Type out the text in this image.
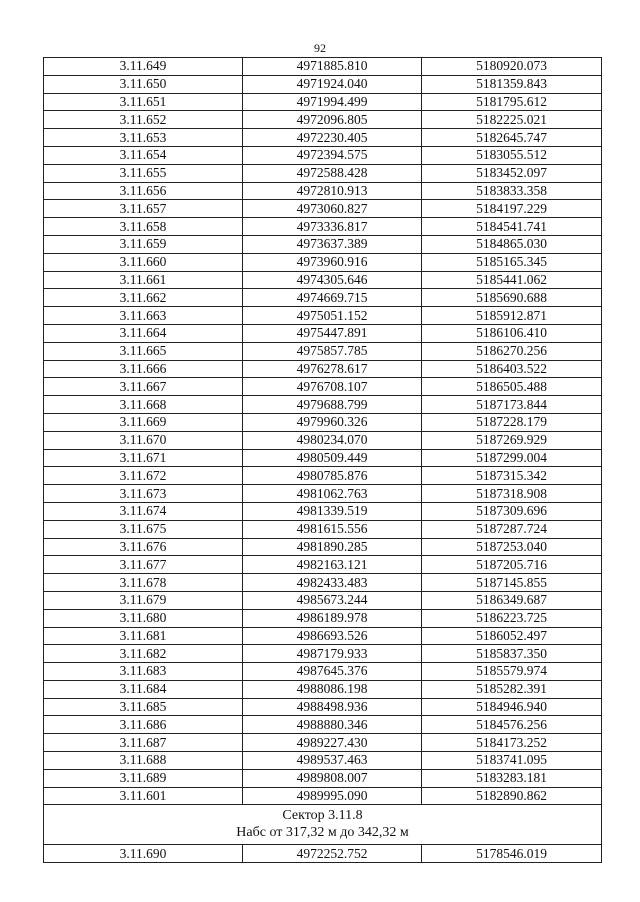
92
3.11.649	4971885.810	5180920.073
3.11.650	4971924.040	5181359.843
3.11.651	4971994.499	5181795.612
3.11.652	4972096.805	5182225.021
3.11.653	4972230.405	5182645.747
3.11.654	4972394.575	5183055.512
3.11.655	4972588.428	5183452.097
3.11.656	4972810.913	5183833.358
3.11.657	4973060.827	5184197.229
3.11.658	4973336.817	5184541.741
3.11.659	4973637.389	5184865.030
3.11.660	4973960.916	5185165.345
3.11.661	4974305.646	5185441.062
3.11.662	4974669.715	5185690.688
3.11.663	4975051.152	5185912.871
3.11.664	4975447.891	5186106.410
3.11.665	4975857.785	5186270.256
3.11.666	4976278.617	5186403.522
3.11.667	4976708.107	5186505.488
3.11.668	4979688.799	5187173.844
3.11.669	4979960.326	5187228.179
3.11.670	4980234.070	5187269.929
3.11.671	4980509.449	5187299.004
3.11.672	4980785.876	5187315.342
3.11.673	4981062.763	5187318.908
3.11.674	4981339.519	5187309.696
3.11.675	4981615.556	5187287.724
3.11.676	4981890.285	5187253.040
3.11.677	4982163.121	5187205.716
3.11.678	4982433.483	5187145.855
3.11.679	4985673.244	5186349.687
3.11.680	4986189.978	5186223.725
3.11.681	4986693.526	5186052.497
3.11.682	4987179.933	5185837.350
3.11.683	4987645.376	5185579.974
3.11.684	4988086.198	5185282.391
3.11.685	4988498.936	5184946.940
3.11.686	4988880.346	5184576.256
3.11.687	4989227.430	5184173.252
3.11.688	4989537.463	5183741.095
3.11.689	4989808.007	5183283.181
3.11.601	4989995.090	5182890.862

Сектор 3.11.8
Набс от 317,32 м до 342,32 м		

3.11.690	4972252.752	5178546.019
